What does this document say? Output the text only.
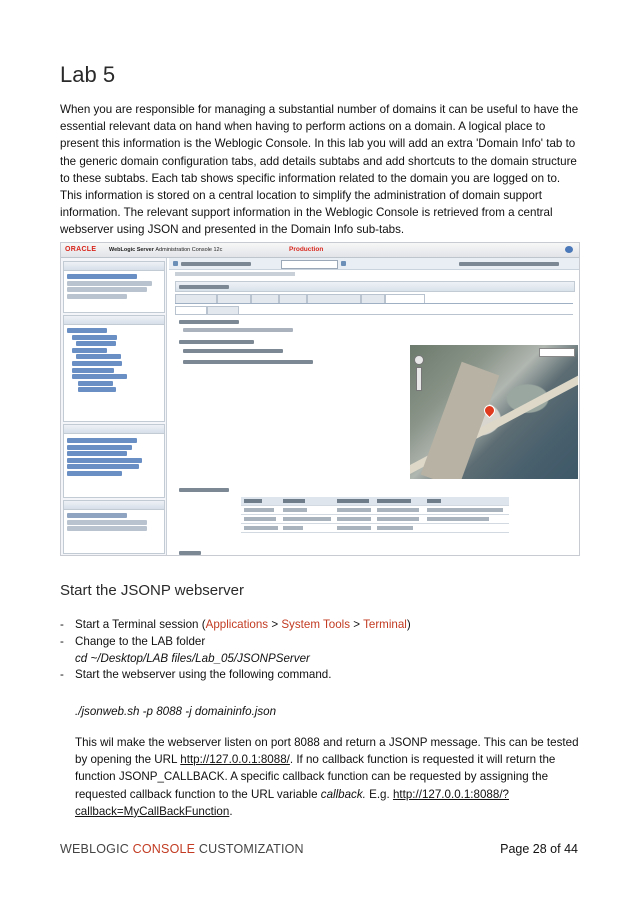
Lab 5

When you are responsible for managing a substantial number of domains it can be useful to have the essential relevant data on hand when having to perform actions on a domain. A logical place to present this information is the Weblogic Console. In this lab you will add an extra 'Domain Info' tab to the generic domain configuration tabs, add details subtabs and add shortcuts to the domain structure to these subtabs. Each tab shows specific information related to the domain you are logged on to. This information is stored on a central location to simplify the administration of domain support information. The relevant support information in the Weblogic Console is retrieved from a central webserver using JSON and presented in the Domain Info sub-tabs.

ORACLE WebLogic Server Administration Console 12c	Production
Start the JSONP webserver
- Start a Terminal session (Applications > System Tools > Terminal)
- Change to the LAB folder
cd ~/Desktop/LAB files/Lab_05/JSONPServer
- Start the webserver using the following command.
./jsonweb.sh -p 8088 -j domaininfo.json
This wil make the webserver listen on port 8088 and return a JSONP message. This can be tested by opening the URL http://127.0.0.1:8088/. If no callback function is requested it will return the function JSONP_CALLBACK. A specific callback function can be requested by assigning the requested callback function to the URL variable callback. E.g. http://127.0.0.1:8088/?callback=MyCallBackFunction.
WEBLOGIC CONSOLE CUSTOMIZATION	Page 28 of 44
